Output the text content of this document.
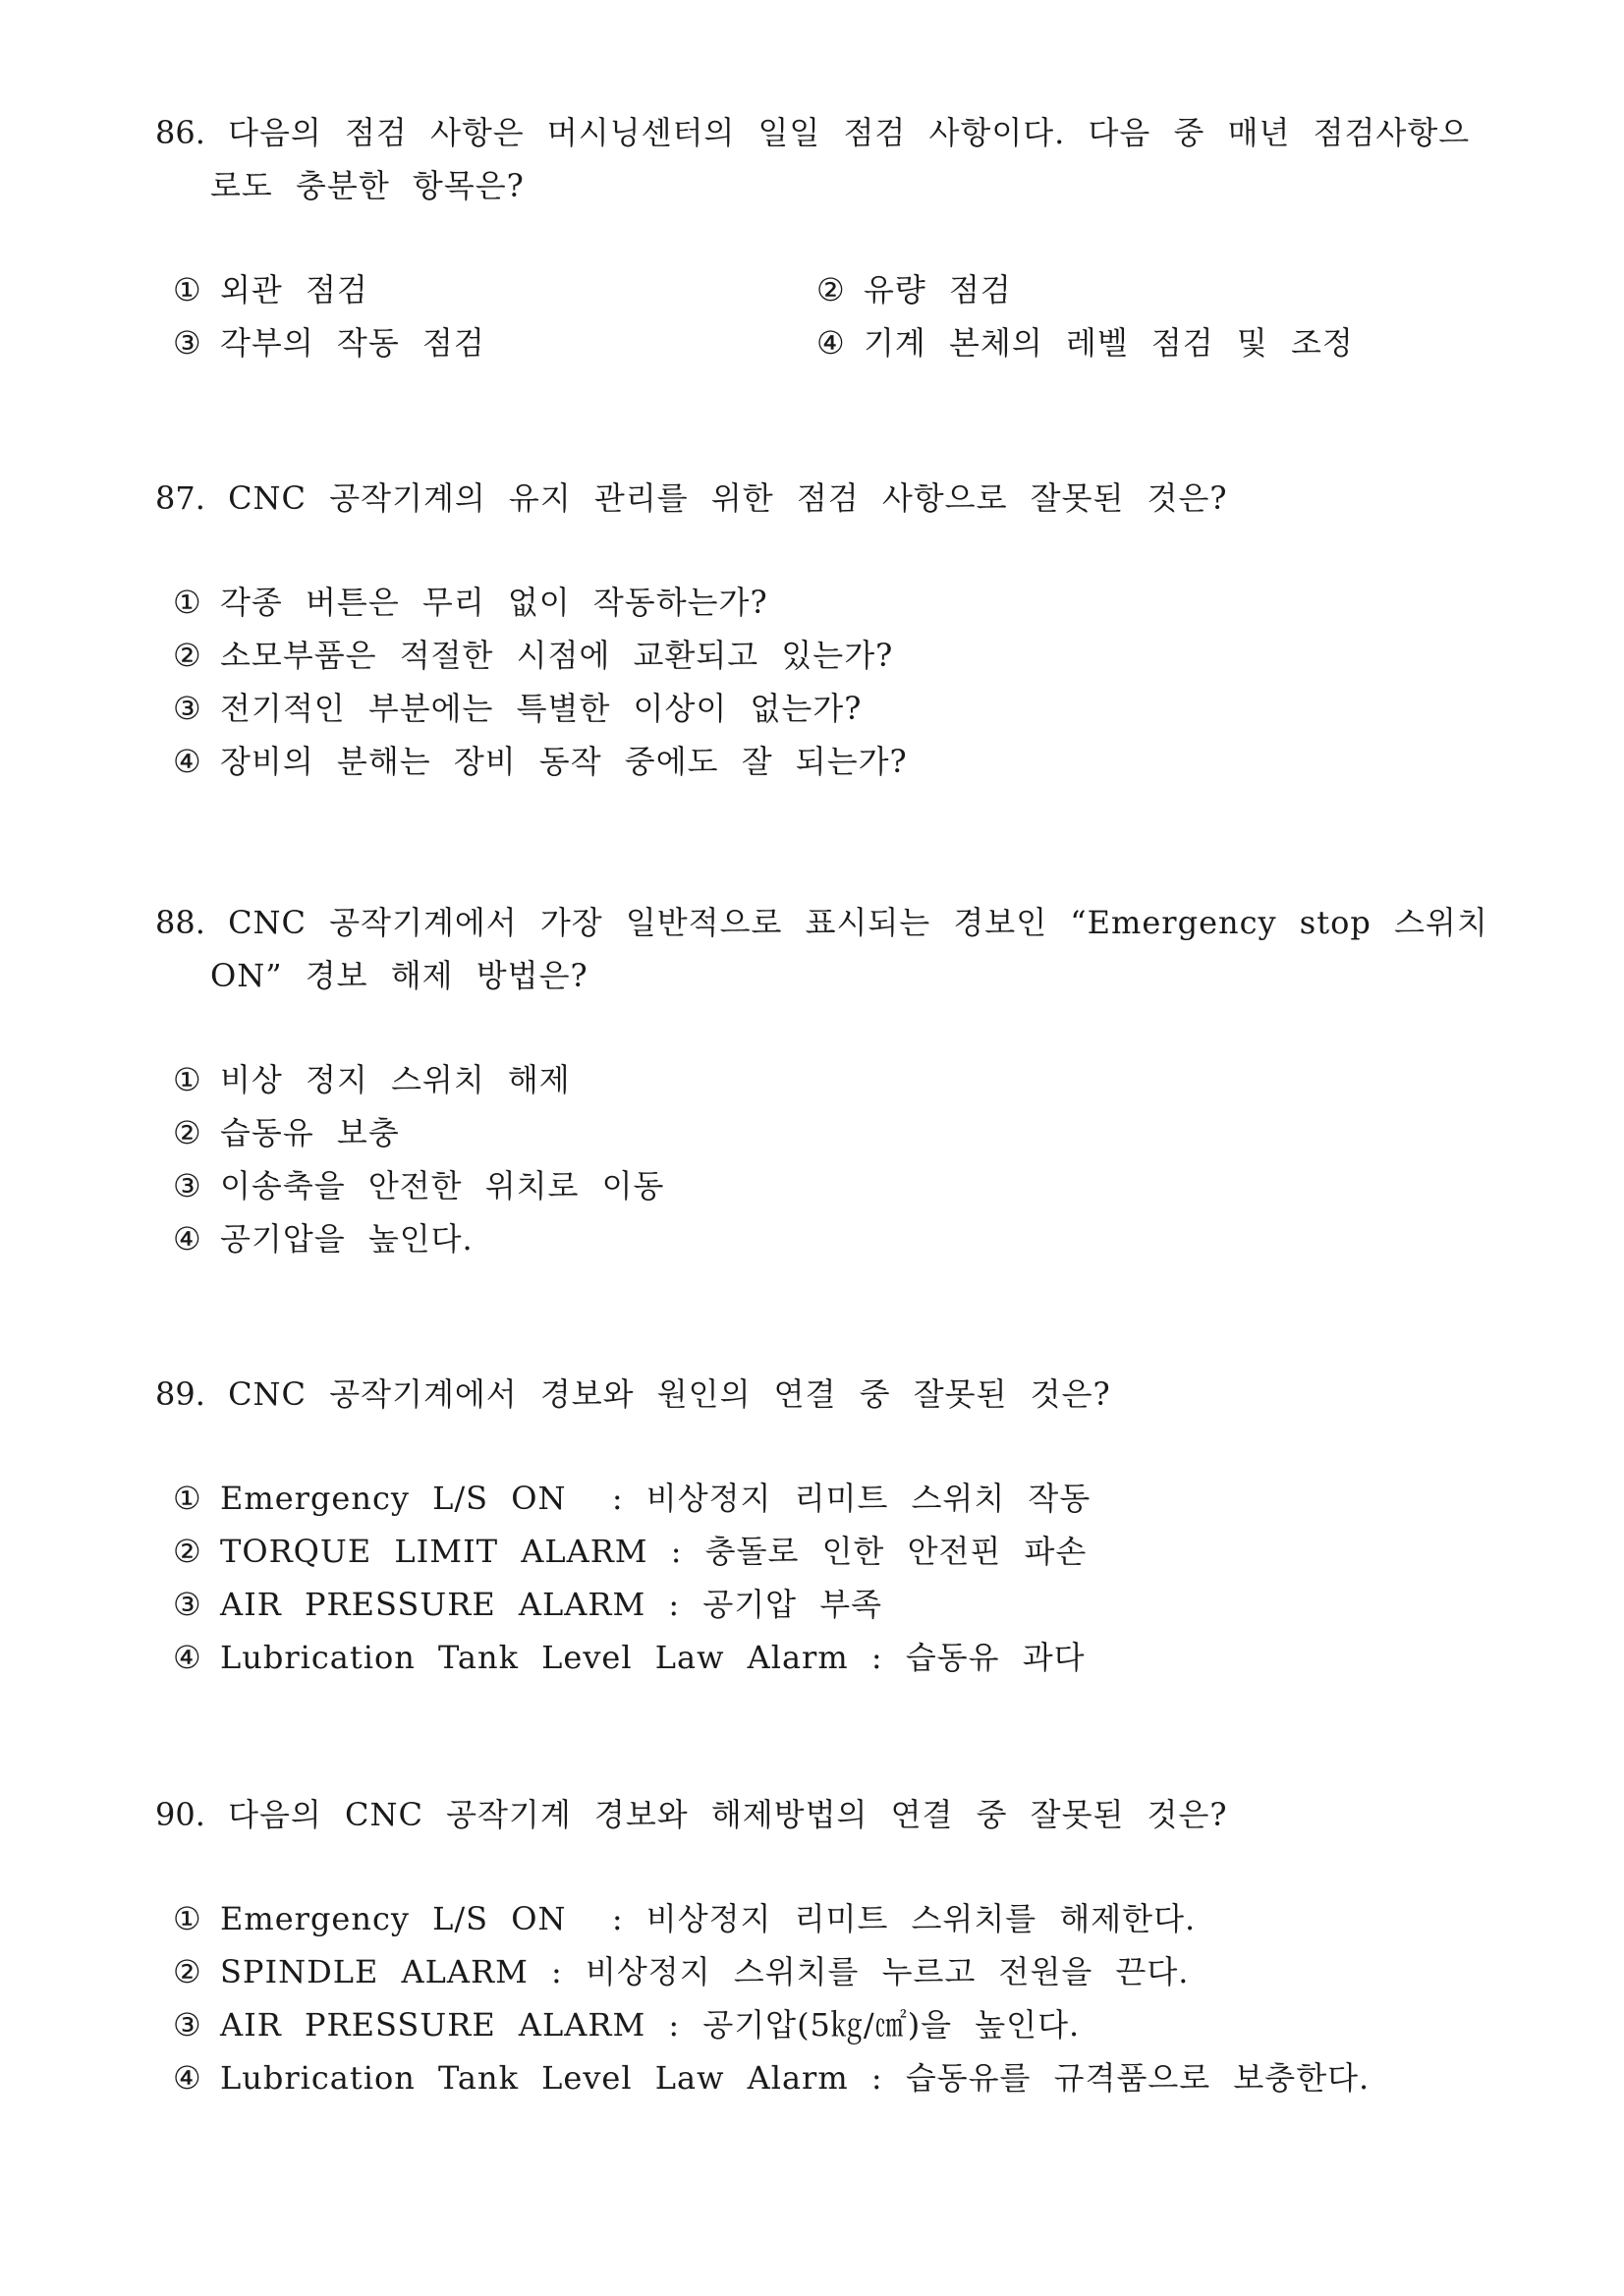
86. 다음의 점검 사항은 머시닝센터의 일일 점검 사항이다. 다음 중 매년 점검사항으로도 충분한 항목은?

① 외관 점검	② 유량 점검
③ 각부의 작동 점검	④ 기계 본체의 레벨 점검 및 조정

87. CNC 공작기계의 유지 관리를 위한 점검 사항으로 잘못된 것은?

① 각종 버튼은 무리 없이 작동하는가?
② 소모부품은 적절한 시점에 교환되고 있는가?
③ 전기적인 부분에는 특별한 이상이 없는가?
④ 장비의 분해는 장비 동작 중에도 잘 되는가?

88. CNC 공작기계에서 가장 일반적으로 표시되는 경보인 “Emergency stop 스위치 ON” 경보 해제 방법은?

① 비상 정지 스위치 해제
② 습동유 보충
③ 이송축을 안전한 위치로 이동
④ 공기압을 높인다.

89. CNC 공작기계에서 경보와 원인의 연결 중 잘못된 것은?

① Emergency L/S ON  : 비상정지 리미트 스위치 작동
② TORQUE LIMIT ALARM : 충돌로 인한 안전핀 파손
③ AIR PRESSURE ALARM : 공기압 부족
④ Lubrication Tank Level Law Alarm : 습동유 과다

90. 다음의 CNC 공작기계 경보와 해제방법의 연결 중 잘못된 것은?

① Emergency L/S ON  : 비상정지 리미트 스위치를 해제한다.
② SPINDLE ALARM : 비상정지 스위치를 누르고 전원을 끈다.
③ AIR PRESSURE ALARM : 공기압(5㎏/㎠)을 높인다.
④ Lubrication Tank Level Law Alarm : 습동유를 규격품으로 보충한다.
